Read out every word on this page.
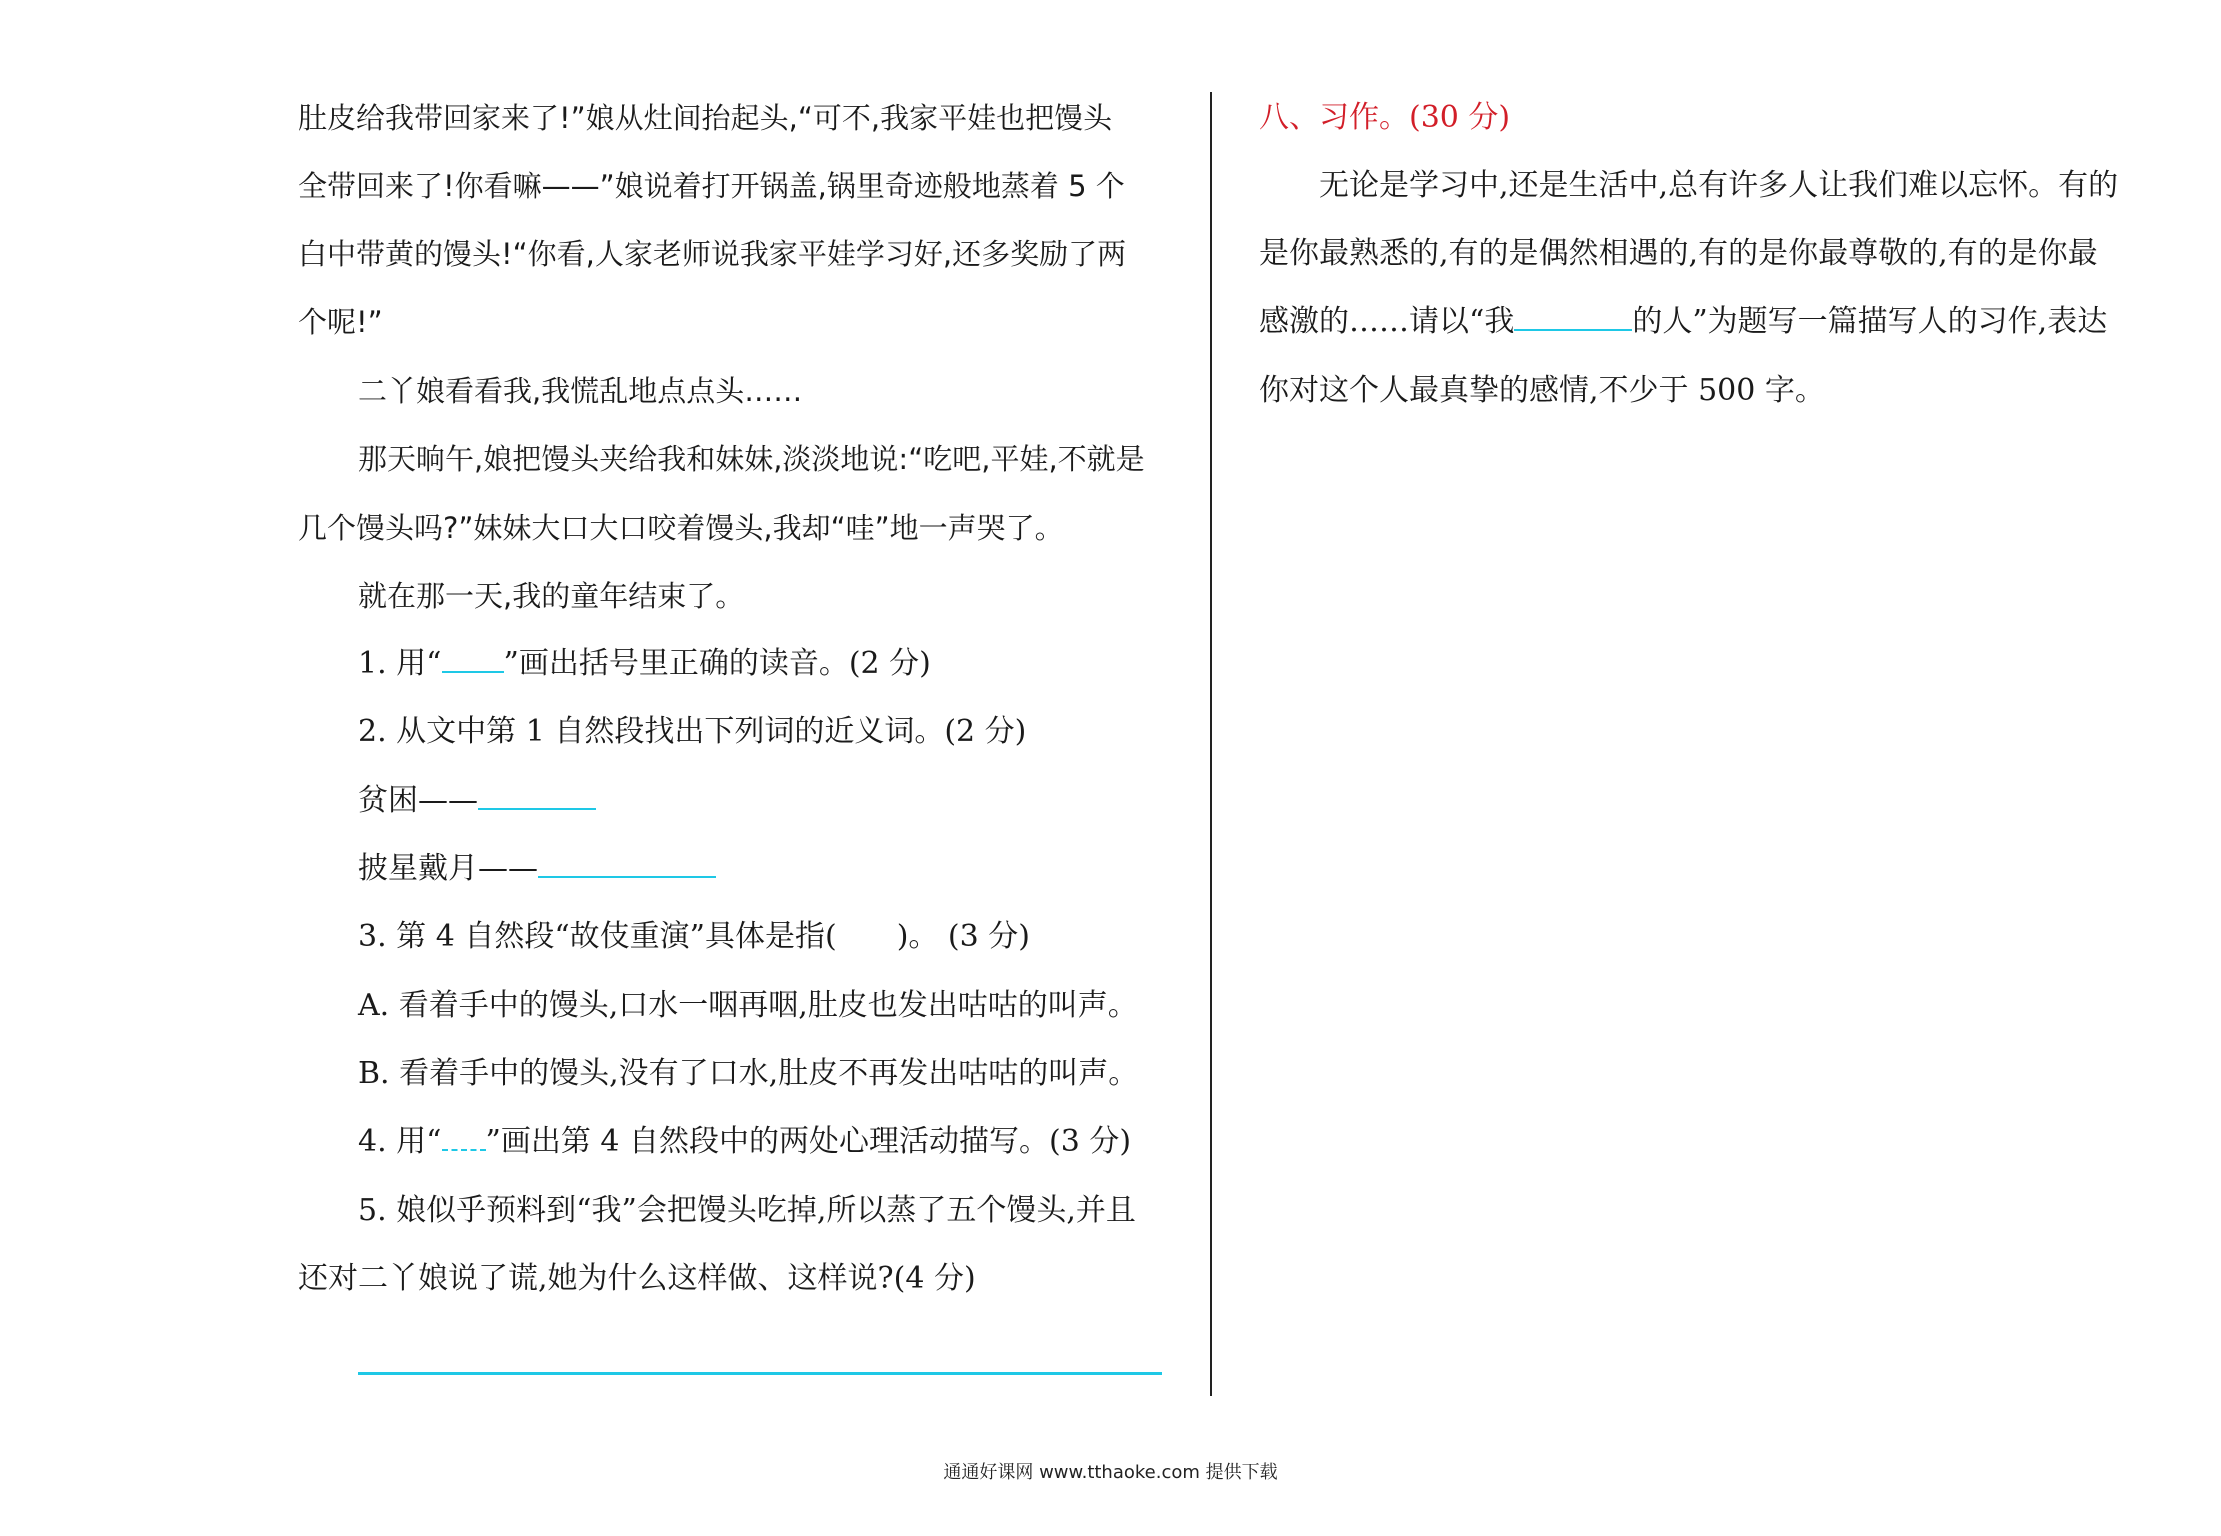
肚皮给我带回家来了!”娘从灶间抬起头,“可不,我家平娃也把馒头
全带回来了!你看嘛——”娘说着打开锅盖,锅里奇迹般地蒸着 5 个
白中带黄的馒头!“你看,人家老师说我家平娃学习好,还多奖励了两
个呢!”
二丫娘看看我,我慌乱地点点头……
那天晌午,娘把馒头夹给我和妹妹,淡淡地说:“吃吧,平娃,不就是
几个馒头吗?”妹妹大口大口咬着馒头,我却“哇”地一声哭了。
就在那一天,我的童年结束了。
1. 用“ ”画出括号里正确的读音。(2 分)
2. 从文中第 1 自然段找出下列词的近义词。(2 分)
贫困——
披星戴月——
3. 第 4 自然段“故伎重演”具体是指(　　)。 (3 分)
A. 看着手中的馒头,口水一咽再咽,肚皮也发出咕咕的叫声。
B. 看着手中的馒头,没有了口水,肚皮不再发出咕咕的叫声。
4. 用“ ”画出第 4 自然段中的两处心理活动描写。(3 分)
5. 娘似乎预料到“我”会把馒头吃掉,所以蒸了五个馒头,并且
还对二丫娘说了谎,她为什么这样做、这样说?(4 分)
八、习作。(30 分)
无论是学习中,还是生活中,总有许多人让我们难以忘怀。有的
是你最熟悉的,有的是偶然相遇的,有的是你最尊敬的,有的是你最
感激的……请以“我	的人”为题写一篇描写人的习作,表达
你对这个人最真挚的感情,不少于 500 字。
通通好课网 www.tthaoke.com 提供下载
